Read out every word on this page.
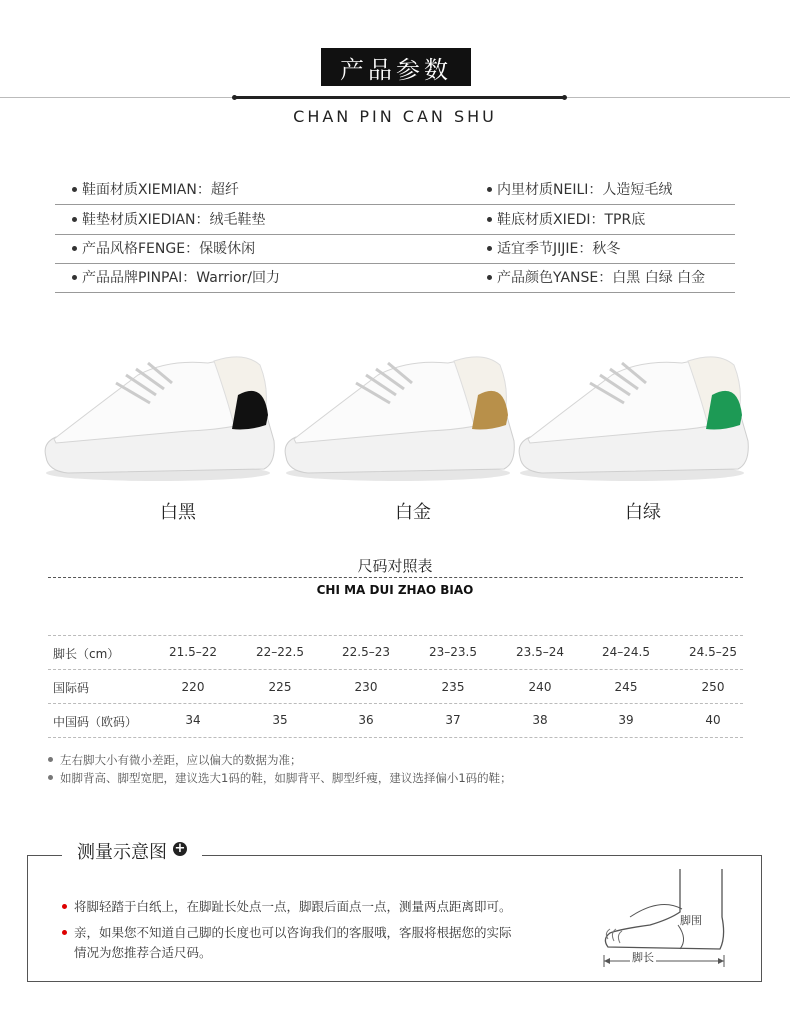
产品参数
CHAN PIN CAN SHU
鞋面材质XIEMIAN：超纤	内里材质NEILI：人造短毛绒
鞋垫材质XIEDIAN：绒毛鞋垫	鞋底材质XIEDI：TPR底
产品风格FENGE：保暖休闲	适宜季节JIJIE：秋冬
产品品牌PINPAI：Warrior/回力	产品颜色YANSE：白黑 白绿 白金
白黑	白金	白绿
尺码对照表
CHI MA DUI ZHAO BIAO
脚长（cm）	21.5–22	22–22.5	22.5–23	23–23.5	23.5–24	24–24.5	24.5–25
国际码	220	225	230	235	240	245	250
中国码（欧码）	34	35	36	37	38	39	40
左右脚大小有微小差距，应以偏大的数据为准；
如脚背高、脚型宽肥，建议选大1码的鞋，如脚背平、脚型纤瘦，建议选择偏小1码的鞋；
测量示意图 +
将脚轻踏于白纸上，在脚趾长处点一点，脚跟后面点一点，测量两点距离即可。
亲，如果您不知道自己脚的长度也可以咨询我们的客服哦，客服将根据您的实际
情况为您推荐合适尺码。
脚围
脚长
